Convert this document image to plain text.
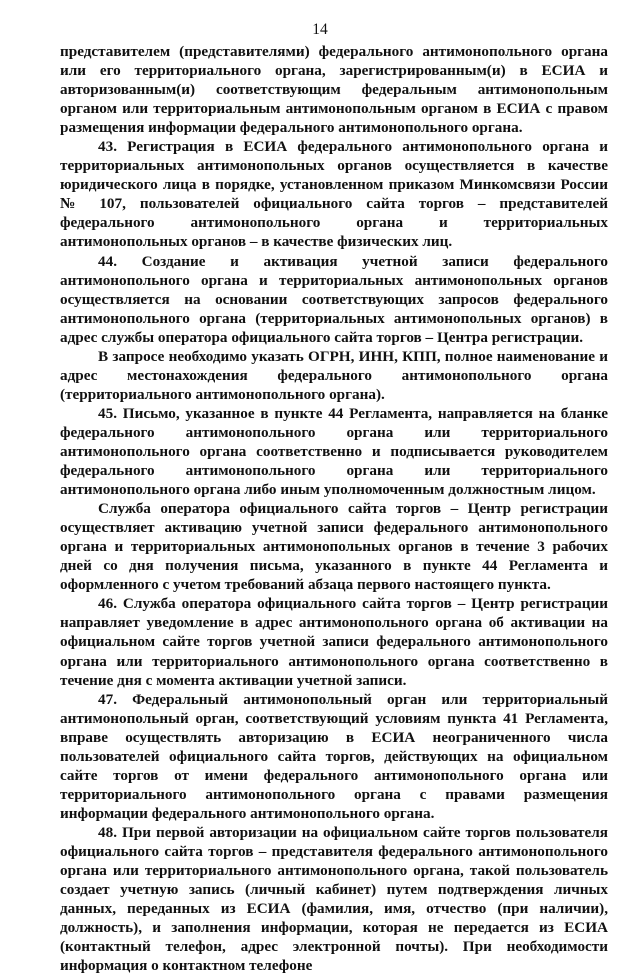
14

представителем (представителями) федерального антимонопольного органа или его территориального органа, зарегистрированным(и) в ЕСИА и авторизованным(и) соответствующим федеральным антимонопольным органом или территориальным антимонопольным органом в ЕСИА с правом размещения информации федерального антимонопольного органа.

43. Регистрация в ЕСИА федерального антимонопольного органа и территориальных антимонопольных органов осуществляется в качестве юридического лица в порядке, установленном приказом Минкомсвязи России № 107, пользователей официального сайта торгов – представителей федерального антимонопольного органа и территориальных антимонопольных органов – в качестве физических лиц.

44. Создание и активация учетной записи федерального антимонопольного органа и территориальных антимонопольных органов осуществляется на основании соответствующих запросов федерального антимонопольного органа (территориальных антимонопольных органов) в адрес службы оператора официального сайта торгов – Центра регистрации.

В запросе необходимо указать ОГРН, ИНН, КПП, полное наименование и адрес местонахождения федерального антимонопольного органа (территориального антимонопольного органа).

45. Письмо, указанное в пункте 44 Регламента, направляется на бланке федерального антимонопольного органа или территориального антимонопольного органа соответственно и подписывается руководителем федерального антимонопольного органа или территориального антимонопольного органа либо иным уполномоченным должностным лицом.

Служба оператора официального сайта торгов – Центр регистрации осуществляет активацию учетной записи федерального антимонопольного органа и территориальных антимонопольных органов в течение 3 рабочих дней со дня получения письма, указанного в пункте 44 Регламента и оформленного с учетом требований абзаца первого настоящего пункта.

46. Служба оператора официального сайта торгов – Центр регистрации направляет уведомление в адрес антимонопольного органа об активации на официальном сайте торгов учетной записи федерального антимонопольного органа или территориального антимонопольного органа соответственно в течение дня с момента активации учетной записи.

47. Федеральный антимонопольный орган или территориальный антимонопольный орган, соответствующий условиям пункта 41 Регламента, вправе осуществлять авторизацию в ЕСИА неограниченного числа пользователей официального сайта торгов, действующих на официальном сайте торгов от имени федерального антимонопольного органа или территориального антимонопольного органа с правами размещения информации федерального антимонопольного органа.

48. При первой авторизации на официальном сайте торгов пользователя официального сайта торгов – представителя федерального антимонопольного органа или территориального антимонопольного органа, такой пользователь создает учетную запись (личный кабинет) путем подтверждения личных данных, переданных из ЕСИА (фамилия, имя, отчество (при наличии), должность), и заполнения информации, которая не передается из ЕСИА (контактный телефон, адрес электронной почты). При необходимости информация о контактном телефоне
